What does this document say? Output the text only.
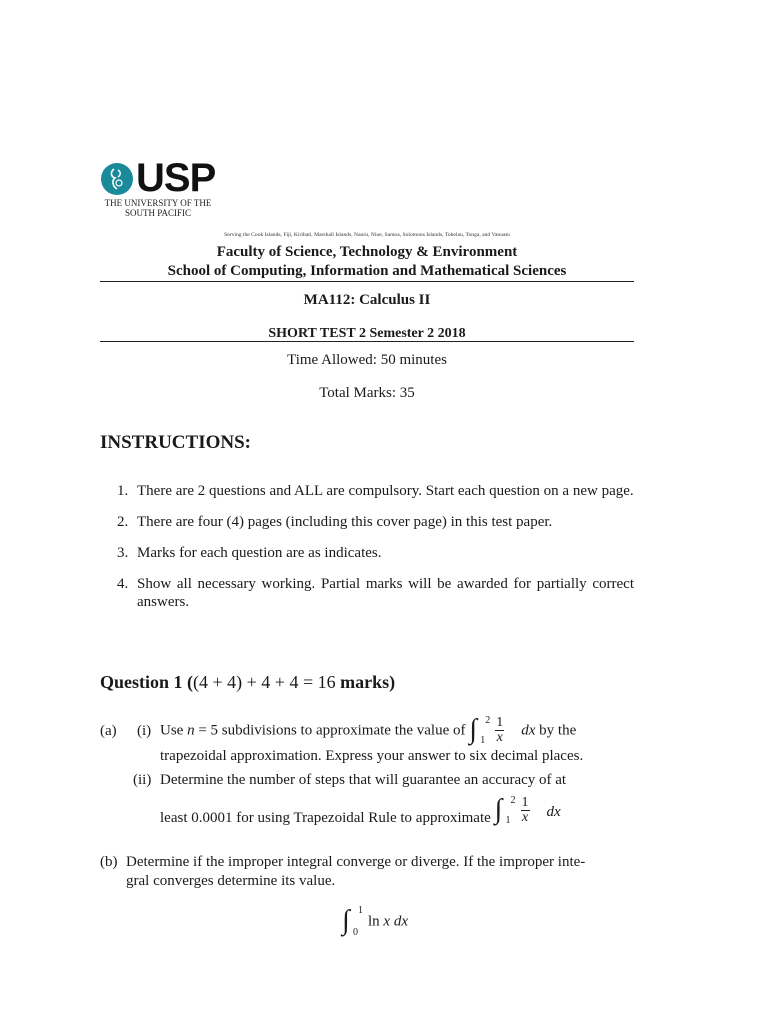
USP
THE UNIVERSITY OF THE
SOUTH PACIFIC
Serving the Cook Islands, Fiji, Kiribati, Marshall Islands, Nauru, Niue, Samoa, Solomons Islands, Tokelau, Tonga, and Vanuatu
Faculty of Science, Technology & Environment
School of Computing, Information and Mathematical Sciences
MA112: Calculus II
SHORT TEST 2 Semester 2 2018
Time Allowed: 50 minutes
Total Marks: 35
INSTRUCTIONS:
1. There are 2 questions and ALL are compulsory. Start each question on a new page.
2. There are four (4) pages (including this cover page) in this test paper.
3. Marks for each question are as indicates.
4. Show all necessary working. Partial marks will be awarded for partially correct answers.
Question 1 ((4 + 4) + 4 + 4 = 16 marks)
(a) (i) Use n = 5 subdivisions to approximate the value of ∫ 2
$1 \frac{1}{x}$ dx by the
trapezoidal approximation. Express your answer to six decimal places.
(ii) Determine the number of steps that will guarantee an accuracy of at
least 0.0001 for using Trapezoidal Rule to approximate ∫ 2
$1 \frac{1}{x}$ dx
(b) Determine if the improper integral converge or diverge. If the improper inte-
gral converges determine its value.
∫ 1
0
ln x dx
